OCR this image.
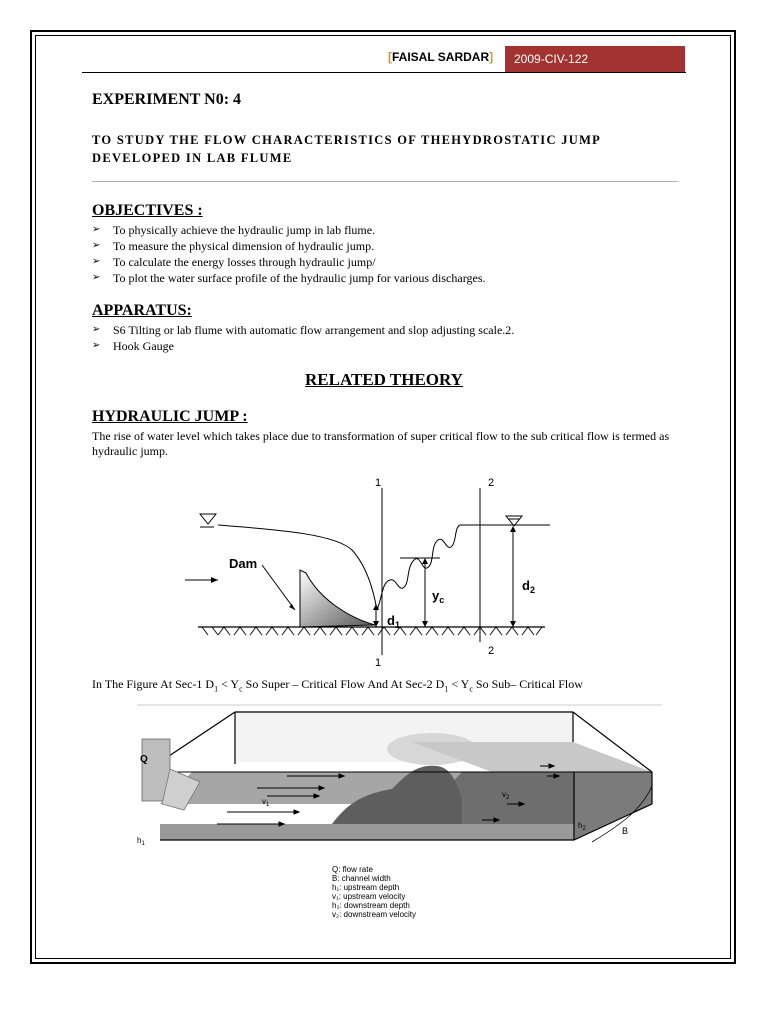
[FAISAL SARDAR]	2009-CIV-122
EXPERIMENT N0: 4
TO STUDY THE FLOW CHARACTERISTICS OF THEHYDROSTATIC JUMP
DEVELOPED IN LAB FLUME
OBJECTIVES :
➢ To physically achieve the hydraulic jump in lab flume.
➢ To measure the physical dimension of hydraulic jump.
➢ To calculate the energy losses through hydraulic jump/
➢ To plot the water surface profile of the hydraulic jump for various discharges.
APPARATUS:
➢ S6 Tilting or lab flume with automatic flow arrangement and slop adjusting scale.2.
➢ Hook Gauge
RELATED THEORY
HYDRAULIC JUMP :
The rise of water level which takes place due to transformation of super critical flow to the sub critical flow is termed as hydraulic jump.
1	2
1
2
Dam
$d_1$
$y_c$
$d_2$
In The Figure At Sec-1 $D_1 < Y_c$ So Super – Critical Flow And At Sec-2 $D_1 < Y_c$ So Sub– Critical Flow
Q
$v_1$
$v_2$
$h_1$
$h_2$	B
Q: flow rate
B: channel width
h₁: upstream depth
v₁: upstream velocity
h₂: downstream depth
v₂: downstream velocity
